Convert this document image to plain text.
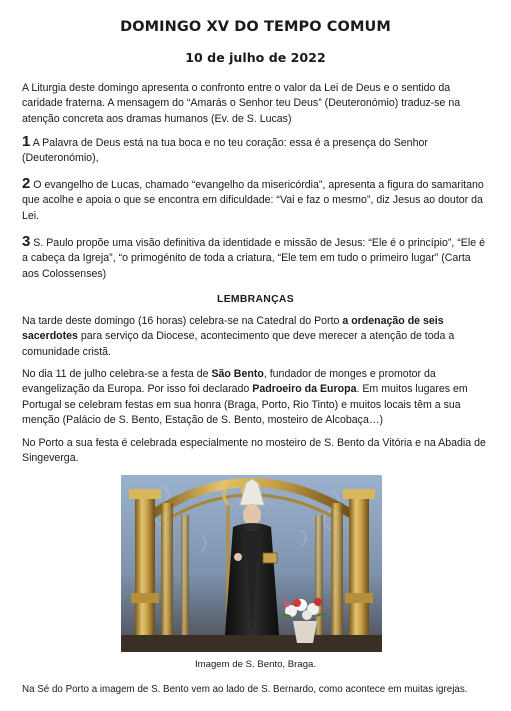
DOMINGO XV DO TEMPO COMUM
10 de julho de 2022

A Liturgia deste domingo apresenta o confronto entre o valor da Lei de Deus e o sentido da caridade fraterna. A mensagem do “Amarás o Senhor teu Deus” (Deuteronómio) traduz-se na atenção concreta aos dramas humanos (Ev. de S. Lucas)

1 A Palavra de Deus está na tua boca e no teu coração: essa é a presença do Senhor (Deuteronómio),

2 O evangelho de Lucas, chamado “evangelho da misericórdia”, apresenta a figura do samaritano que acolhe e apoia o que se encontra em dificuldade: “Vai e faz o mesmo”, diz Jesus ao doutor da Lei.

3 S. Paulo propõe uma visão definitiva da identidade e missão de Jesus: “Ele é o princípio”, “Ele é a cabeça da Igreja”, “o primogénito de toda a criatura, “Ele tem em tudo o primeiro lugar” (Carta aos Colossenses)

LEMBRANÇAS

Na tarde deste domingo (16 horas) celebra-se na Catedral do Porto a ordenação de seis sacerdotes para serviço da Diocese, acontecimento que deve merecer a atenção de toda a comunidade cristã.

No dia 11 de julho celebra-se a festa de São Bento, fundador de monges e promotor da evangelização da Europa. Por isso foi declarado Padroeiro da Europa. Em muitos lugares em Portugal se celebram festas em sua honra (Braga, Porto, Rio Tinto) e muitos locais têm a sua menção (Palácio de S. Bento, Estação de S. Bento, mosteiro de Alcobaça…)

No Porto a sua festa é celebrada especialmente no mosteiro de S. Bento da Vitória e na Abadia de Singeverga.

Imagem de S. Bento, Braga.

Na Sé do Porto a imagem de S. Bento vem ao lado de S. Bernardo, como acontece em muitas igrejas.
